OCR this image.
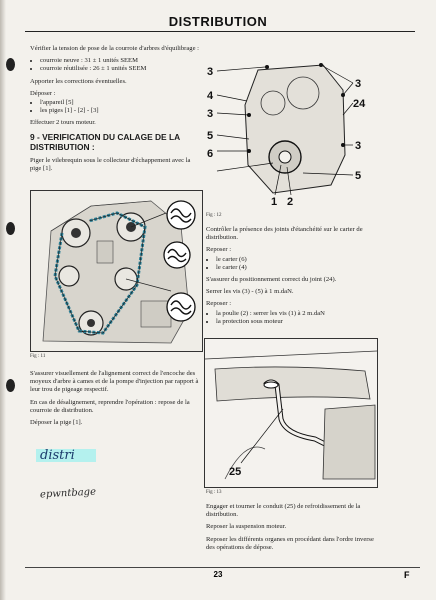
DISTRIBUTION

Vérifier la tension de pose de la courroie d'arbres d'équilibrage :

• courroie neuve : 31 ± 1 unités SEEM
• courroie réutilisée : 26 ± 1 unités SEEM

Apporter les corrections éventuelles.

Déposer :

• l'appareil [5]
• les piges [1] - [2] - [3]

Effectuer 2 tours moteur.

9 - VERIFICATION DU CALAGE DE LA DISTRIBUTION :

Piger le vilebrequin sous le collecteur d'échappement avec la pige [1].

Fig : 11

S'assurer visuellement de l'alignement correct de l'encoche des moyeux d'arbre à cames et de la pompe d'injection par rapport à leur trou de pigeage respectif.

En cas de désalignement, reprendre l'opération : repose de la courroie de distribution.

Déposer la pige [1].

distri
epwntbage
3
4
3
5
6
1 2
3
24
3
5
Fig : 12

Contrôler la présence des joints d'étanchéité sur le carter de distribution.

Reposer :

• le carter (6)
• le carter (4)

S'assurer du positionnement correct du joint (24).

Serrer les vis (3) - (5) à 1 m.daN.

Reposer :

• la poulie (2) : serrer les vis (1) à 2 m.daN
• la protection sous moteur
25
Fig : 13

Engager et tourner le conduit (25) de refroidissement de la distribution.

Reposer la suspension moteur.

Reposer les différents organes en procédant dans l'ordre inverse des opérations de dépose.

23	F
